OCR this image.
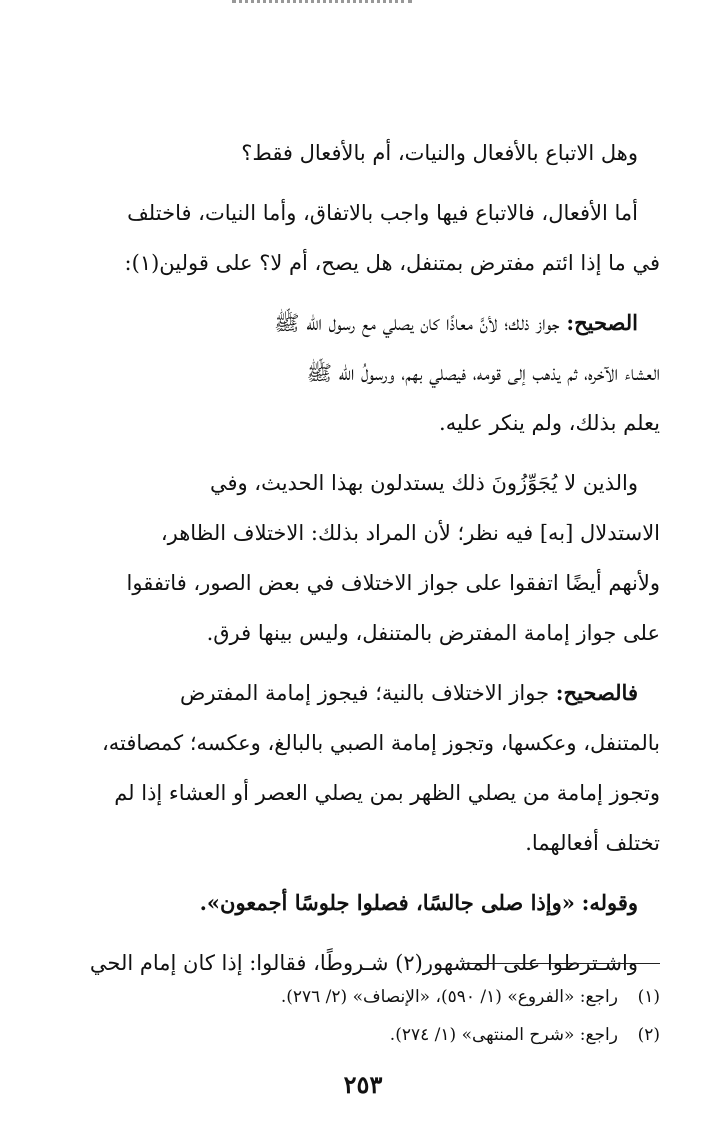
وهل الاتباع بالأفعال والنيات، أم بالأفعال فقط؟
أما الأفعال، فالاتباع فيها واجب بالاتفاق، وأما النيات، فاختلف
في ما إذا ائتم مفترض بمتنفل، هل يصح، أم لا؟ على قولين(١):
الصحيح: جواز ذلك؛ لأنَّ معاذًا كان يصلي مع رسول الله ﷺ
العشاء الآخره، ثم يذهب إلى قومه، فيصلي بهم، ورسولُ الله ﷺ
يعلم بذلك، ولم ينكر عليه.
والذين لا يُجَوِّزُونَ ذلك يستدلون بهذا الحديث، وفي
الاستدلال [به] فيه نظر؛ لأن المراد بذلك: الاختلاف الظاهر،
ولأنهم أيضًا اتفقوا على جواز الاختلاف في بعض الصور، فاتفقوا
على جواز إمامة المفترض بالمتنفل، وليس بينها فرق.
فالصحيح: جواز الاختلاف بالنية؛ فيجوز إمامة المفترض
بالمتنفل، وعكسها، وتجوز إمامة الصبي بالبالغ، وعكسه؛ كمصافته،
وتجوز إمامة من يصلي الظهر بمن يصلي العصر أو العشاء إذا لم
تختلف أفعالهما.
وقوله: «وإذا صلى جالسًا، فصلوا جلوسًا أجمعون».
واشـترطوا على المشهور(٢) شـروطًا، فقالوا: إذا كان إمام الحي
(١)راجع: «الفروع» (١/ ٥٩٠)، «الإنصاف» (٢/ ٢٧٦).
(٢)راجع: «شرح المنتهى» (١/ ٢٧٤).
٢٥٣
